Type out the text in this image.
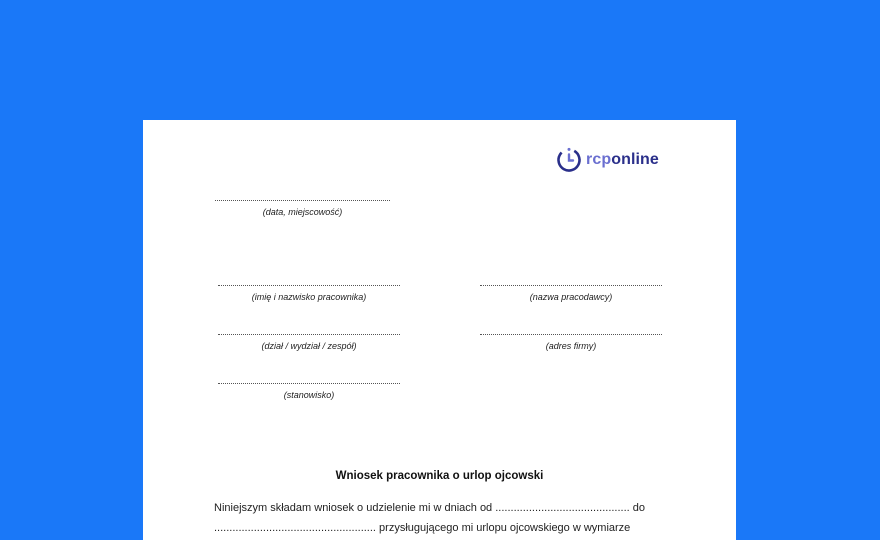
rcponline
(data, miejscowość)
(imię i nazwisko pracownika)	(nazwa pracodawcy)
(dział / wydział / zespół)	(adres firmy)
(stanowisko)
Wniosek pracownika o urlop ojcowski
Niniejszym składam wniosek o udzielenie mi w dniach od ............................................ do
..................................................... przysługującego mi urlopu ojcowskiego w wymiarze
